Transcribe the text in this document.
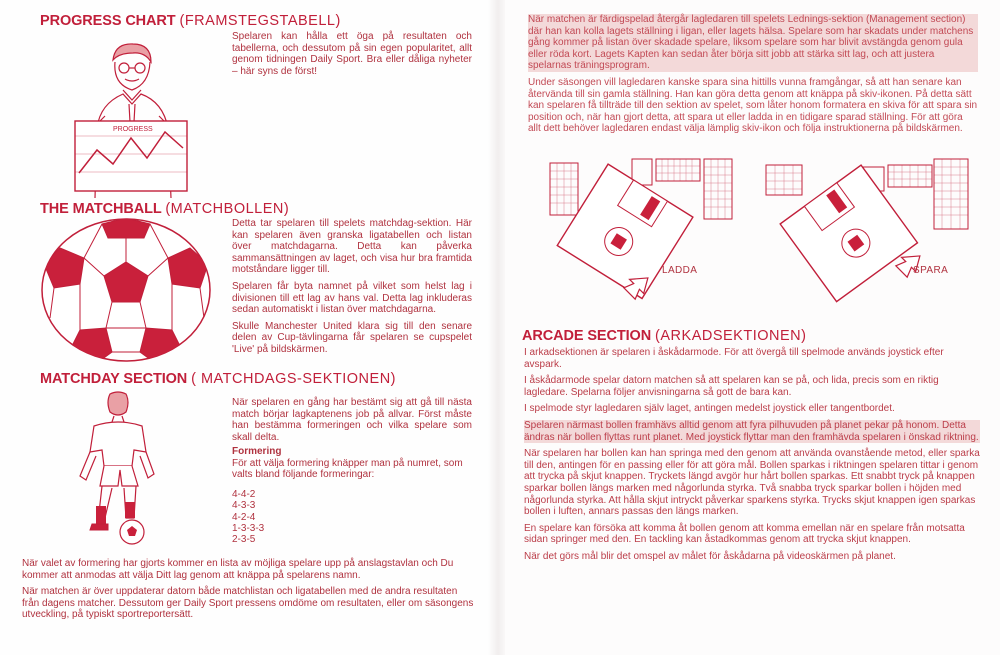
PROGRESS CHART (FRAMSTEGSTABELL)
PROGRESS
Spelaren kan hålla ett öga på resultaten och tabellerna, och dessutom på sin egen popularitet, allt genom tidningen Daily Sport. Bra eller dåliga nyheter – här syns de först!
THE MATCHBALL (MATCHBOLLEN)

Detta tar spelaren till spelets matchdag-sektion. Här kan spelaren även granska ligatabellen och listan över matchdagarna. Detta kan påverka sammansättningen av laget, och visa hur bra framtida motståndare ligger till.

Spelaren får byta namnet på vilket som helst lag i divisionen till ett lag av hans val. Detta lag inkluderas sedan automatiskt i listan över matchdagarna.

Skulle Manchester United klara sig till den senare delen av Cup-tävlingarna får spelaren se cupspelet 'Live' på bildskärmen.

MATCHDAY SECTION ( MATCHDAGS-SEKTIONEN)
När spelaren en gång har bestämt sig att gå till nästa match börjar lagkaptenens job på allvar. Först måste han bestämma formeringen och vilka spelare som skall delta.
Formering

För att välja formering knäpper man på numret, som valts bland följande formeringar:

4-4-2
4-3-3
4-2-4
1-3-3-3
2-3-5

När valet av formering har gjorts kommer en lista av möjliga spelare upp på anslagstavlan och Du kommer att anmodas att välja Ditt lag genom att knäppa på spelarens namn.

När matchen är över uppdaterar datorn både matchlistan och ligatabellen med de andra resultaten från dagens matcher. Dessutom ger Daily Sport pressens omdöme om resultaten, eller om säsongens utveckling, på typiskt sportreportersätt.

När matchen är färdigspelad återgår lagledaren till spelets Lednings-sektion (Management section) där han kan kolla lagets ställning i ligan, eller lagets hälsa. Spelare som har skadats under matchens gång kommer på listan över skadade spelare, liksom spelare som har blivit avstängda genom gula eller röda kort. Lagets Kapten kan sedan åter börja sitt jobb att stärka sitt lag, och att justera spelarnas träningsprogram.

Under säsongen vill lagledaren kanske spara sina hittills vunna framgångar, så att han senare kan återvända till sin gamla ställning. Han kan göra detta genom att knäppa på skiv-ikonen. På detta sätt kan spelaren få tillträde till den sektion av spelet, som låter honom formatera en skiva för att spara sin position och, när han gjort detta, att spara ut eller ladda in en tidigare sparad ställning. För att göra allt dett behöver lagledaren endast välja lämplig skiv-ikon och följa instruktionerna på bildskärmen.

LADDA	SPARA
ARCADE SECTION (ARKADSEKTIONEN)

I arkadsektionen är spelaren i åskådarmode. För att övergå till spelmode används joystick efter avspark.

I åskådarmode spelar datorn matchen så att spelaren kan se på, och lida, precis som en riktig lagledare. Spelarna följer anvisningarna så gott de bara kan.

I spelmode styr lagledaren själv laget, antingen medelst joystick eller tangentbordet.

Spelaren närmast bollen framhävs alltid genom att fyra pilhuvuden på planet pekar på honom. Detta ändras när bollen flyttas runt planet. Med joystick flyttar man den framhävda spelaren i önskad riktning.

När spelaren har bollen kan han springa med den genom att använda ovanstående metod, eller sparka till den, antingen för en passing eller för att göra mål. Bollen sparkas i riktningen spelaren tittar i genom att trycka på skjut knappen. Tryckets längd avgör hur hårt bollen sparkas. Ett snabbt tryck på knappen sparkar bollen längs marken med någorlunda styrka. Två snabba tryck sparkar bollen i höjden med någorlunda styrka. Att hålla skjut intryckt påverkar sparkens styrka. Trycks skjut knappen igen sparkas bollen i luften, annars passas den längs marken.

En spelare kan försöka att komma åt bollen genom att komma emellan när en spelare från motsatta sidan springer med den. En tackling kan åstadkommas genom att trycka skjut knappen.

När det görs mål blir det omspel av målet för åskådarna på videoskärmen på planet.
